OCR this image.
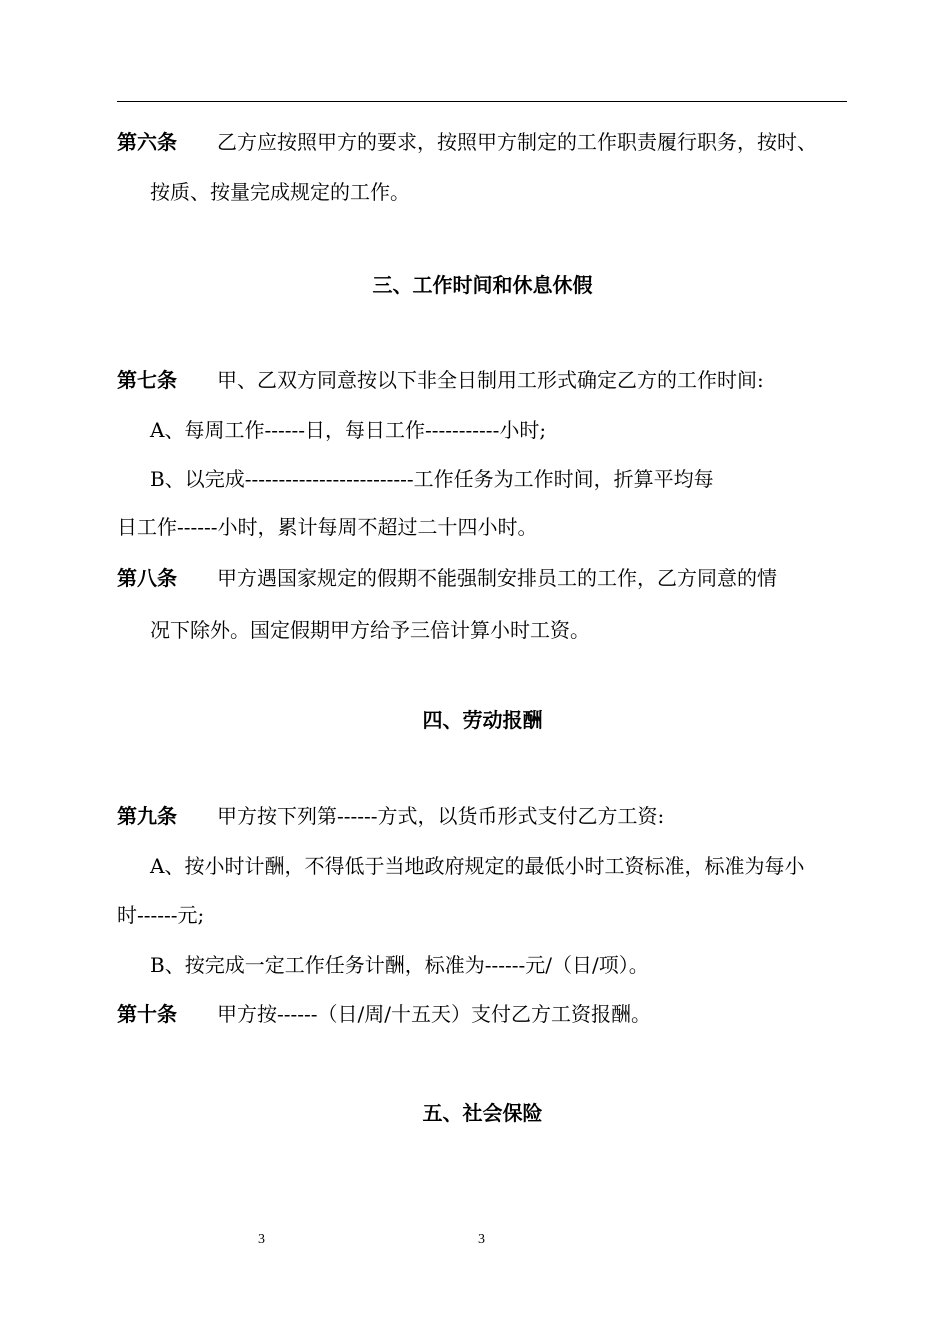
第六条 乙方应按照甲方的要求，按照甲方制定的工作职责履行职务，按时、
按质、按量完成规定的工作。
三、工作时间和休息休假
第七条 甲、乙双方同意按以下非全日制用工形式确定乙方的工作时间:
A、每周工作------日，每日工作-----------小时;
B、以完成-------------------------工作任务为工作时间，折算平均每
日工作------小时，累计每周不超过二十四小时。
第八条 甲方遇国家规定的假期不能强制安排员工的工作，乙方同意的情
况下除外。国定假期甲方给予三倍计算小时工资。
四、劳动报酬
第九条 甲方按下列第------方式，以货币形式支付乙方工资:
A、按小时计酬，不得低于当地政府规定的最低小时工资标准，标准为每小
时------元;
B、按完成一定工作任务计酬，标准为------元/（日/项）。
第十条 甲方按------（日/周/十五天）支付乙方工资报酬。
五、社会保险
3	3
